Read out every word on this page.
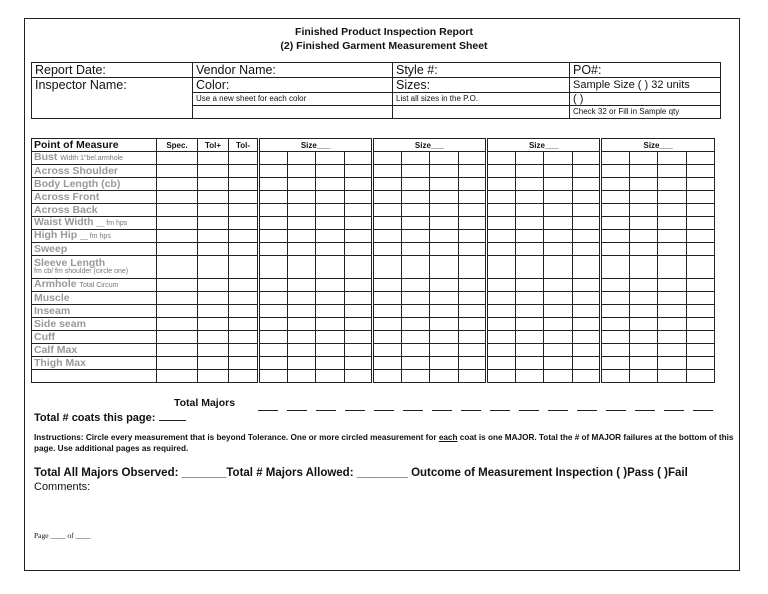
Finished Product Inspection Report
(2) Finished Garment Measurement Sheet
Report Date:	Vendor Name:	Style #:	PO#:
Inspector Name:	Color:	Sizes:	Sample Size ( ) 32 units
	Use a new sheet for each color	List all sizes in the P.O.	( )
			Check 32 or Fill in Sample qty
Point of Measure	Spec.	Tol+	Tol-	Size___				Size___				Size___				Size___			
Bust Width 1"bel.armhole																			
Across Shoulder																			
Body Length (cb)																			
Across Front																			
Across Back																			
Waist Width __ fm hps																			
High Hip __ fm hps																			
Sweep																			
Sleeve Length
fm cb/ fm shoulder (circle one)																			

Armhole Total Circum																			
Muscle																			
Inseam																			
Side seam																			
Cuff																			
Calf Max																			
Thigh Max																			

Total Majors
Total # coats this page:
Instructions: Circle every measurement that is beyond Tolerance. One or more circled measurement for each coat is one MAJOR. Total the # of MAJOR failures at the bottom of this page. Use additional pages as required.
Total All Majors Observed: _______Total # Majors Allowed: ________ Outcome of Measurement Inspection ( )Pass ( )Fail
Comments:
Page ____ of ____
